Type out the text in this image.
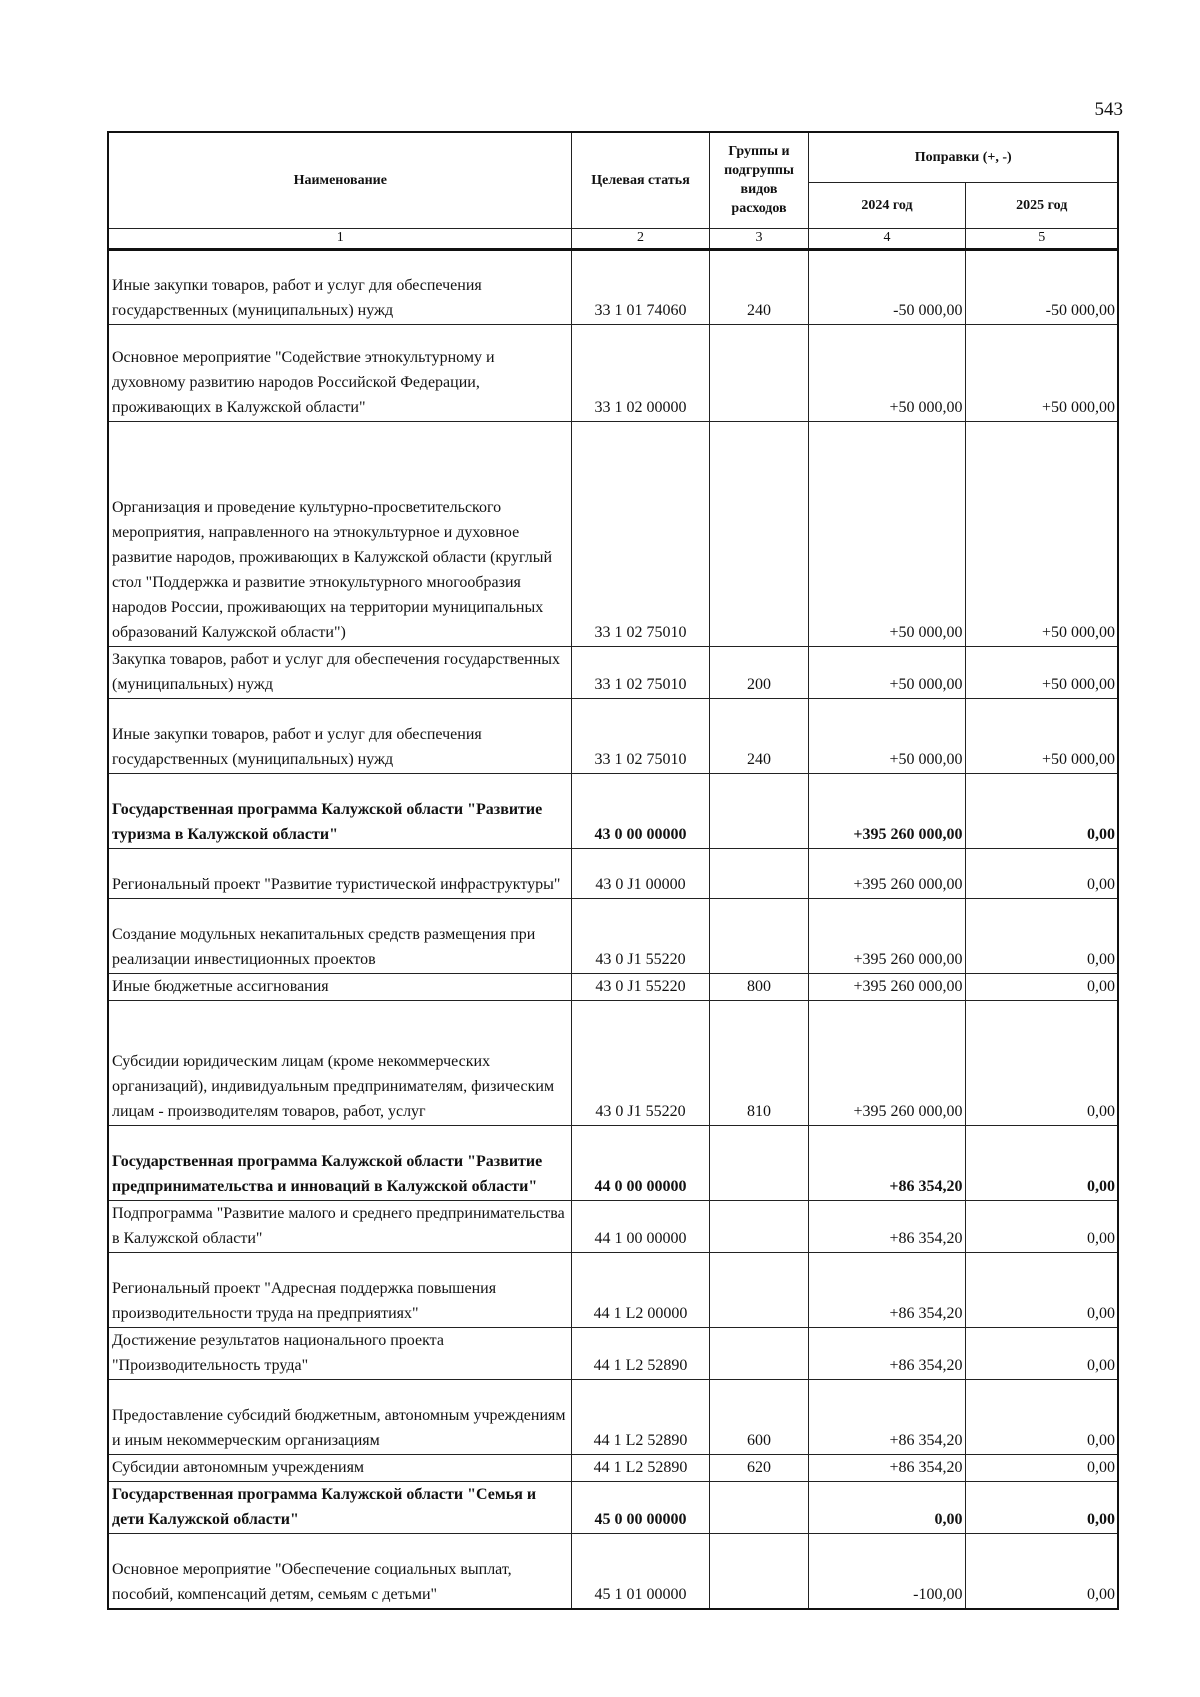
543
Наименование	Целевая статья	Группы и подгруппы видов расходов	Поправки (+, -)	
			2024 год	2025 год
1	2	3	4	5
Иные закупки товаров, работ и услуг для обеспечения государственных (муниципальных) нужд	33 1 01 74060	240	-50 000,00	-50 000,00
Основное мероприятие "Содействие этнокультурному и духовному развитию народов Российской Федерации, проживающих в Калужской области"	33 1 02 00000		+50 000,00	+50 000,00
Организация и проведение культурно-просветительского мероприятия, направленного на этнокультурное и духовное развитие народов, проживающих в Калужской области (круглый стол "Поддержка и развитие этнокультурного многообразия народов России, проживающих на территории муниципальных образований Калужской области")	33 1 02 75010		+50 000,00	+50 000,00
Закупка товаров, работ и услуг для обеспечения государственных (муниципальных) нужд	33 1 02 75010	200	+50 000,00	+50 000,00
Иные закупки товаров, работ и услуг для обеспечения государственных (муниципальных) нужд	33 1 02 75010	240	+50 000,00	+50 000,00
Государственная программа Калужской области "Развитие туризма в Калужской области"	43 0 00 00000		+395 260 000,00	0,00
Региональный проект "Развитие туристической инфраструктуры"	43 0 J1 00000		+395 260 000,00	0,00
Создание модульных некапитальных средств размещения при реализации инвестиционных проектов	43 0 J1 55220		+395 260 000,00	0,00
Иные бюджетные ассигнования	43 0 J1 55220	800	+395 260 000,00	0,00
Субсидии юридическим лицам (кроме некоммерческих организаций), индивидуальным предпринимателям, физическим лицам - производителям товаров, работ, услуг	43 0 J1 55220	810	+395 260 000,00	0,00
Государственная программа Калужской области "Развитие предпринимательства и инноваций в Калужской области"	44 0 00 00000		+86 354,20	0,00
Подпрограмма "Развитие малого и среднего предпринимательства в Калужской области"	44 1 00 00000		+86 354,20	0,00
Региональный проект "Адресная поддержка повышения производительности труда на предприятиях"	44 1 L2 00000		+86 354,20	0,00
Достижение результатов национального проекта "Производительность труда"	44 1 L2 52890		+86 354,20	0,00
Предоставление субсидий бюджетным, автономным учреждениям и иным некоммерческим организациям	44 1 L2 52890	600	+86 354,20	0,00
Субсидии автономным учреждениям	44 1 L2 52890	620	+86 354,20	0,00
Государственная программа Калужской области "Семья и дети Калужской области"	45 0 00 00000		0,00	0,00
Основное мероприятие "Обеспечение социальных выплат, пособий, компенсаций детям, семьям с детьми"	45 1 01 00000		-100,00	0,00
